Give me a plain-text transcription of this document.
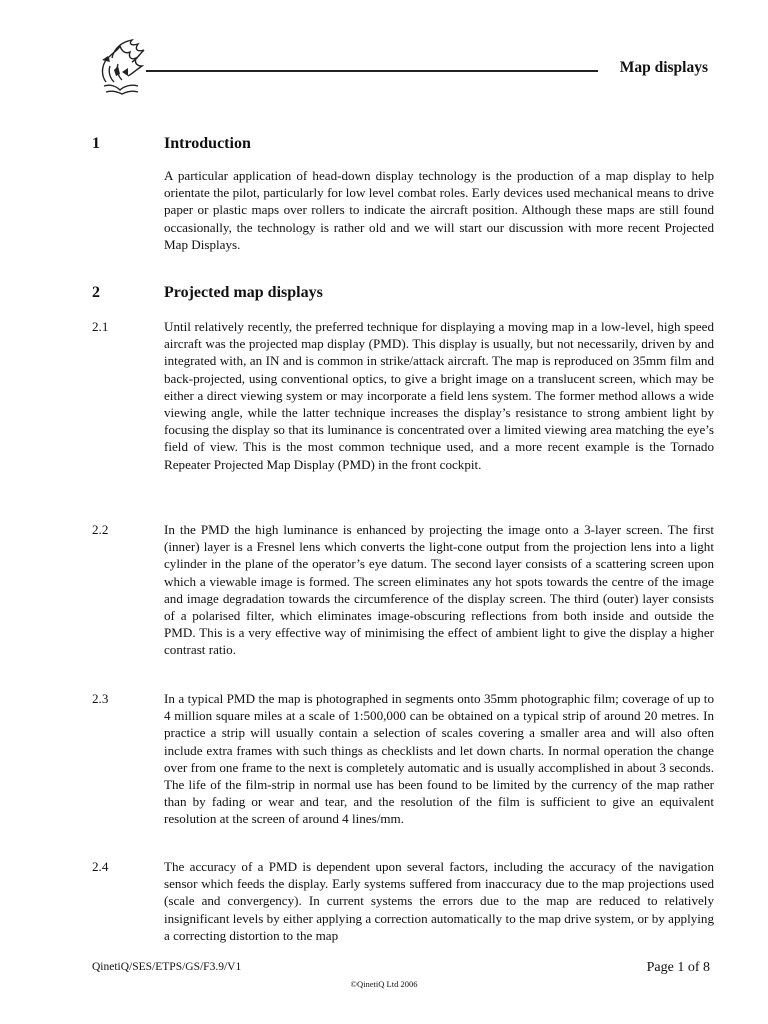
Map displays
1	Introduction
A particular application of head-down display technology is the production of a map display to help orientate the pilot, particularly for low level combat roles. Early devices used mechanical means to drive paper or plastic maps over rollers to indicate the aircraft position. Although these maps are still found occasionally, the technology is rather old and we will start our discussion with more recent Projected Map Displays.
2	Projected map displays
2.1	Until relatively recently, the preferred technique for displaying a moving map in a low-level, high speed aircraft was the projected map display (PMD). This display is usually, but not necessarily, driven by and integrated with, an IN and is common in strike/attack aircraft. The map is reproduced on 35mm film and back-projected, using conventional optics, to give a bright image on a translucent screen, which may be either a direct viewing system or may incorporate a field lens system. The former method allows a wide viewing angle, while the latter technique increases the display’s resistance to strong ambient light by focusing the display so that its luminance is concentrated over a limited viewing area matching the eye’s field of view. This is the most common technique used, and a more recent example is the Tornado Repeater Projected Map Display (PMD) in the front cockpit.
2.2	In the PMD the high luminance is enhanced by projecting the image onto a 3-layer screen. The first (inner) layer is a Fresnel lens which converts the light-cone output from the projection lens into a light cylinder in the plane of the operator’s eye datum. The second layer consists of a scattering screen upon which a viewable image is formed. The screen eliminates any hot spots towards the centre of the image and image degradation towards the circumference of the display screen. The third (outer) layer consists of a polarised filter, which eliminates image-obscuring reflections from both inside and outside the PMD. This is a very effective way of minimising the effect of ambient light to give the display a higher contrast ratio.
2.3	In a typical PMD the map is photographed in segments onto 35mm photographic film; coverage of up to 4 million square miles at a scale of 1:500,000 can be obtained on a typical strip of around 20 metres. In practice a strip will usually contain a selection of scales covering a smaller area and will also often include extra frames with such things as checklists and let down charts. In normal operation the change over from one frame to the next is completely automatic and is usually accomplished in about 3 seconds. The life of the film-strip in normal use has been found to be limited by the currency of the map rather than by fading or wear and tear, and the resolution of the film is sufficient to give an equivalent resolution at the screen of around 4 lines/mm.
2.4	The accuracy of a PMD is dependent upon several factors, including the accuracy of the navigation sensor which feeds the display. Early systems suffered from inaccuracy due to the map projections used (scale and convergency). In current systems the errors due to the map are reduced to relatively insignificant levels by either applying a correction automatically to the map drive system, or by applying a correcting distortion to the map
QinetiQ/SES/ETPS/GS/F3.9/V1	Page 1 of 8
©QinetiQ Ltd 2006
